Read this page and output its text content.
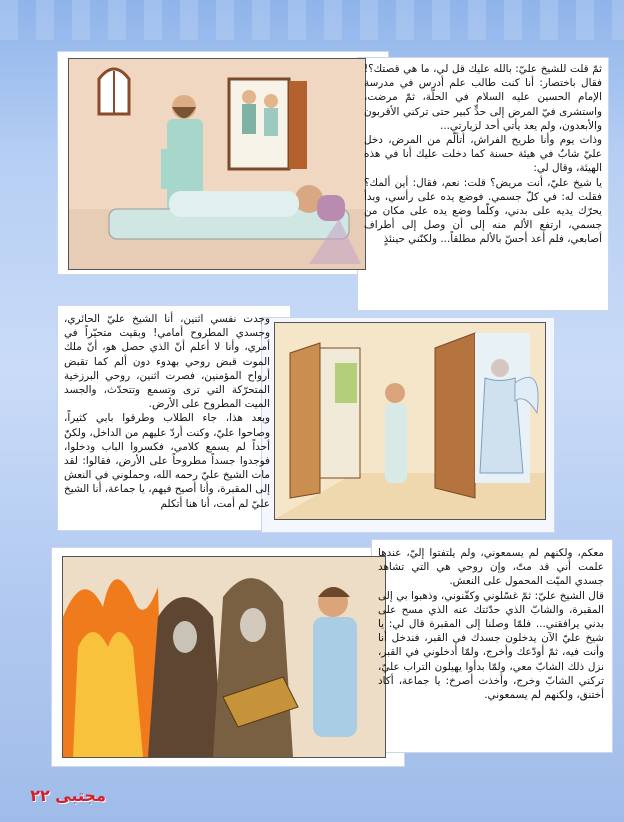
ثمّ قلت للشيخ عليّ: بالله عليك قل لي، ما هي قصتك؟! فقال باختصار: أنا كنت طالب علم أدرس في مدرسة الإمام الحسين عليه السلام في الحلّة، ثمّ مرضت، واستشرى فيّ المرض إلى حدٍّ كبير حتى تركني الأقربون والأبعدون، ولم يعد يأتي أحد لزيارتي...
وذات يوم وأنا طريح الفراش، أتألّم من المرض، دخل عليّ شابٌ في هيئة حسنة كما دخلت عليك أنا في هذه الهيئة، وقال لي:
يا شيخ عليّ، أنت مريض؟ قلت: نعم، فقال: أين ألمك؟ فقلت له: في كلّ جسمي. فوضع يده على رأسي، وبدأ يحرّك يديه على بدني، وكلّما وضع يده على مكان من جسمي، ارتفع الألم منه إلى أن وصل إلى أطراف أصابعي، فلم أعد أحسّ بالألم مطلقاً... ولكنّني حينئذٍ

وجدت نفسي اثنين، أنا الشيخ عليّ الحائري، وجسدي المطروح أمامي! وبقيت متحيّراً في أمري، وأنا لا أعلم أنّ الذي حصل هو، أنّ ملك الموت قبض روحي بهدوء دون ألم كما تقبض أرواح المؤمنين، فصرت اثنين، روحي البرزخية المتحرّكة التي ترى وتسمع وتتحدّث، والجسد الميت المطروح على الأرض.
وبعد هذا، جاء الطلاب وطرقوا بابي كثيراً، وصاحوا عليّ، وكنت أردّ عليهم من الداخل، ولكنّ أحداً لم يسمع كلامي، فكسروا الباب ودخلوا، فوجدوا جسداً مطروحاً على الأرض، فقالوا: لقد مات الشيخ عليّ رحمه الله، وحملوني في النعش إلى المقبرة، وأنا أصيح فيهم، يا جماعة، أنا الشيخ عليّ لم أمت، أنا هنا أتكلم

معكم، ولكنهم لم يسمعوني، ولم يلتفتوا إليّ، عندها علمت أني قد متّ، وإن روحي هي التي تشاهد جسدي الميّت المحمول على النعش.
قال الشيخ عليّ: ثمّ غسّلوني وكفّنوني، وذهبوا بي إلى المقبرة، والشابّ الذي حدّثتك عنه الذي مسح على بدني يرافقني... فلمّا وصلنا إلى المقبرة قال لي: يا شيخ عليّ الآن يدخلون جسدك في القبر، فندخل أنا وأنت فيه، ثمّ أودّعك وأخرج، ولمّا أدخلوني في القبر، نزل ذلك الشابّ معي، ولمّا بدأوا يهيلون التراب عليّ، تركني الشابّ وخرج، وأخذت أصرخ: يا جماعة، أكاد أختنق، ولكنهم لم يسمعوني.

مجتبى ٢٢
